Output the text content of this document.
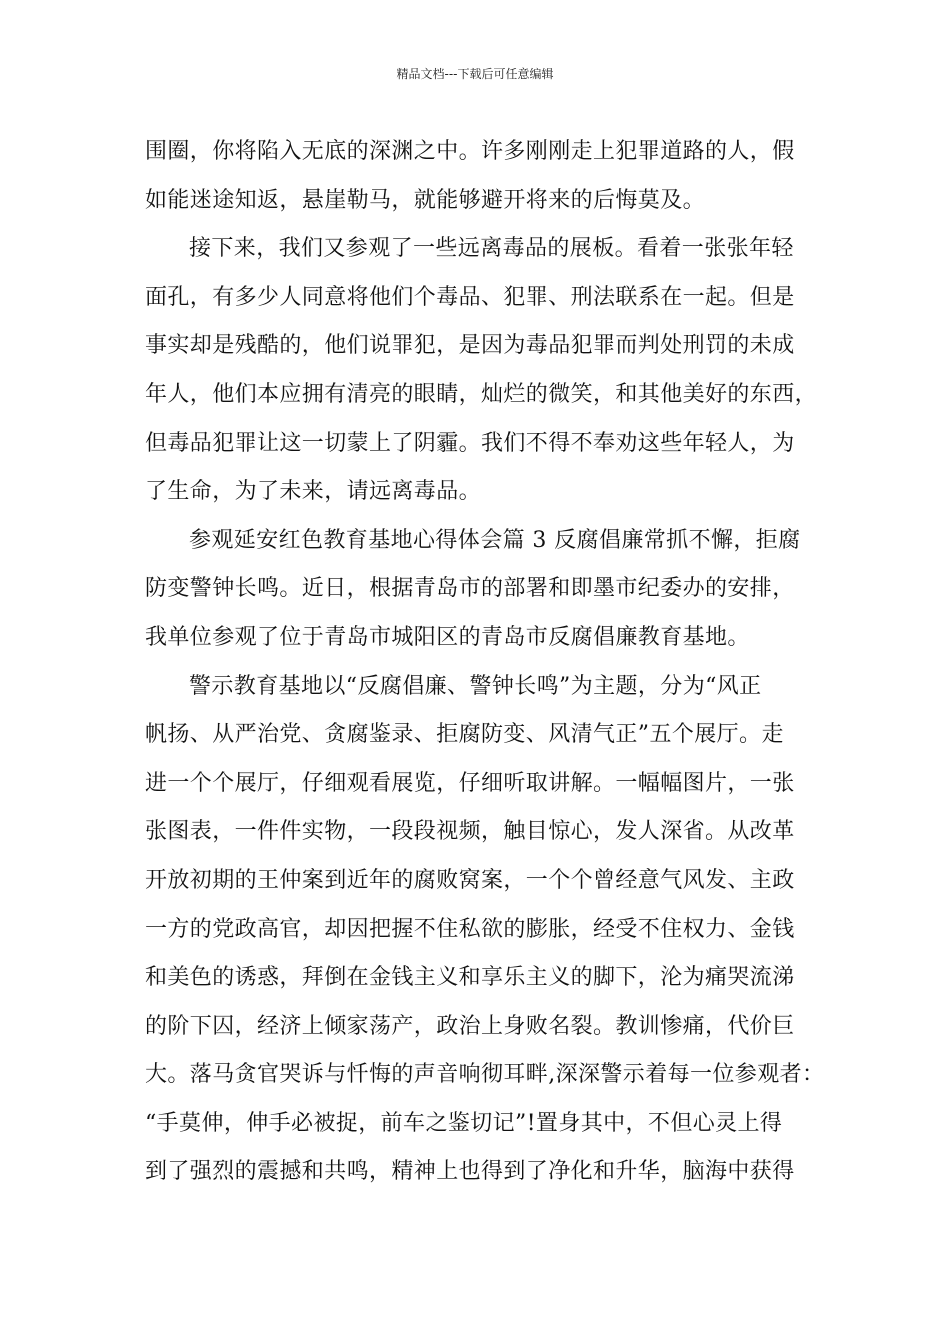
精品文档---下载后可任意编辑
围圈，你将陷入无底的深渊之中。许多刚刚走上犯罪道路的人，假
如能迷途知返，悬崖勒马，就能够避开将来的后悔莫及。
接下来，我们又参观了一些远离毒品的展板。看着一张张年轻
面孔，有多少人同意将他们个毒品、犯罪、刑法联系在一起。但是
事实却是残酷的，他们说罪犯，是因为毒品犯罪而判处刑罚的未成
年人，他们本应拥有清亮的眼睛，灿烂的微笑，和其他美好的东西，
但毒品犯罪让这一切蒙上了阴霾。我们不得不奉劝这些年轻人，为
了生命，为了未来，请远离毒品。
参观延安红色教育基地心得体会篇 3 反腐倡廉常抓不懈，拒腐
防变警钟长鸣。近日，根据青岛市的部署和即墨市纪委办的安排，
我单位参观了位于青岛市城阳区的青岛市反腐倡廉教育基地。
警示教育基地以“反腐倡廉、警钟长鸣”为主题，分为“风正
帆扬、从严治党、贪腐鉴录、拒腐防变、风清气正”五个展厅。走
进一个个展厅，仔细观看展览，仔细听取讲解。一幅幅图片，一张
张图表，一件件实物，一段段视频，触目惊心，发人深省。从改革
开放初期的王仲案到近年的腐败窝案，一个个曾经意气风发、主政
一方的党政高官，却因把握不住私欲的膨胀，经受不住权力、金钱
和美色的诱惑，拜倒在金钱主义和享乐主义的脚下，沦为痛哭流涕
的阶下囚，经济上倾家荡产，政治上身败名裂。教训惨痛，代价巨
大。落马贪官哭诉与忏悔的声音响彻耳畔,深深警示着每一位参观者：
“手莫伸，伸手必被捉，前车之鉴切记”!置身其中，不但心灵上得
到了强烈的震撼和共鸣，精神上也得到了净化和升华，脑海中获得
